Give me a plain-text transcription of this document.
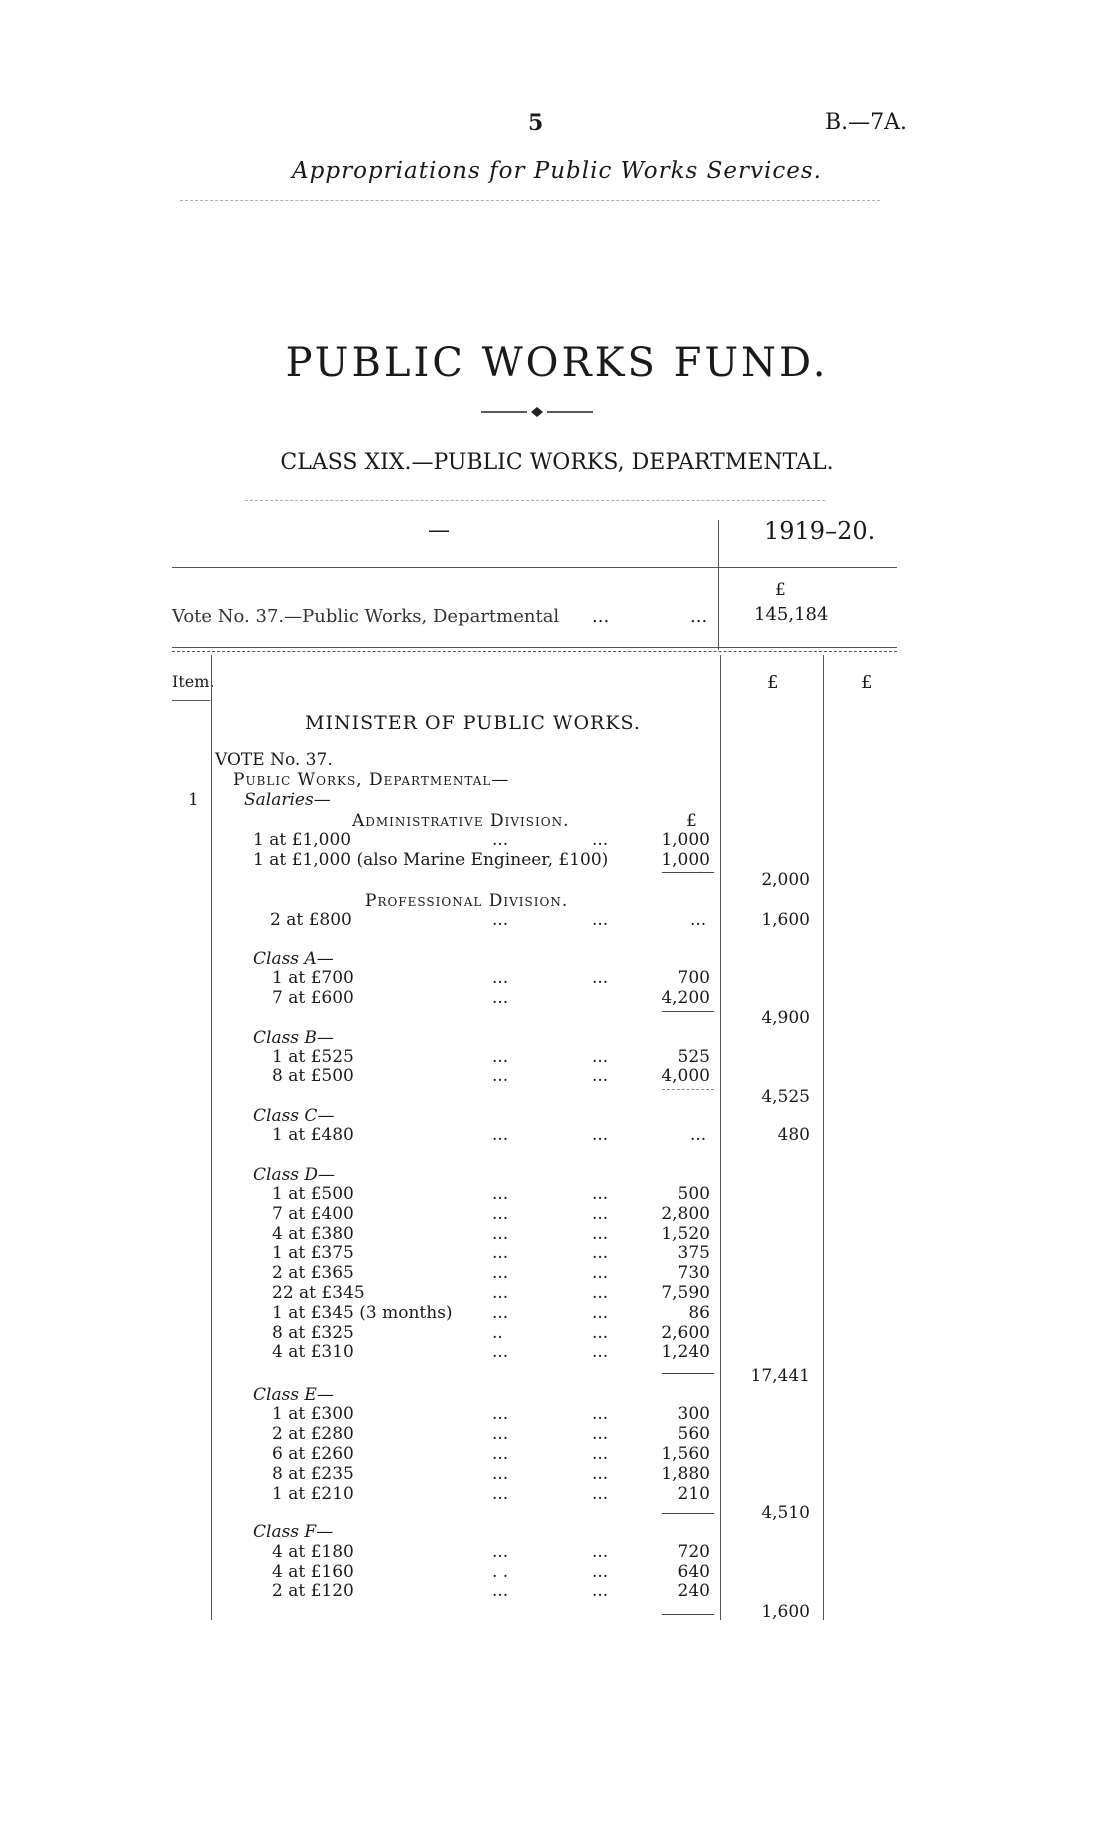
5	B.—7A.
Appropriations for Public Works Services.
PUBLIC WORKS FUND.
CLASS XIX.—PUBLIC WORKS, DEPARTMENTAL.
—	1919–20.
£
Vote No. 37.—Public Works, Departmental ...	...	145,184
Item.	£	£
MINISTER OF PUBLIC WORKS.
VOTE No. 37.
Public Works, Departmental—
1	Salaries—
Administrative Division.	£
1 at £1,000	...	...	1,000
1 at £1,000 (also Marine Engineer, £100)	1,000
2,000
Professional Division.
2 at £800	...	...	...	1,600
Class A—
1 at £700	...	...	700
7 at £600	...	4,200
4,900
Class B—
1 at £525	...	...	525
8 at £500	...	...	4,000
4,525
Class C—
1 at £480	...	...	...	480
Class D—
1 at £500	...	...	500
7 at £400	...	...	2,800
4 at £380	...	...	1,520
1 at £375	...	...	375
2 at £365	...	...	730
22 at £345	...	...	7,590
1 at £345 (3 months) ...	...	86
8 at £325	..	...	2,600
4 at £310	...	...	1,240
17,441
Class E—
1 at £300	...	...	300
2 at £280	...	...	560
6 at £260	...	...	1,560
8 at £235	...	...	1,880
1 at £210	...	...	210
4,510
Class F—
4 at £180	...	...	720
4 at £160	. .	...	640
2 at £120	...	...	240
1,600
